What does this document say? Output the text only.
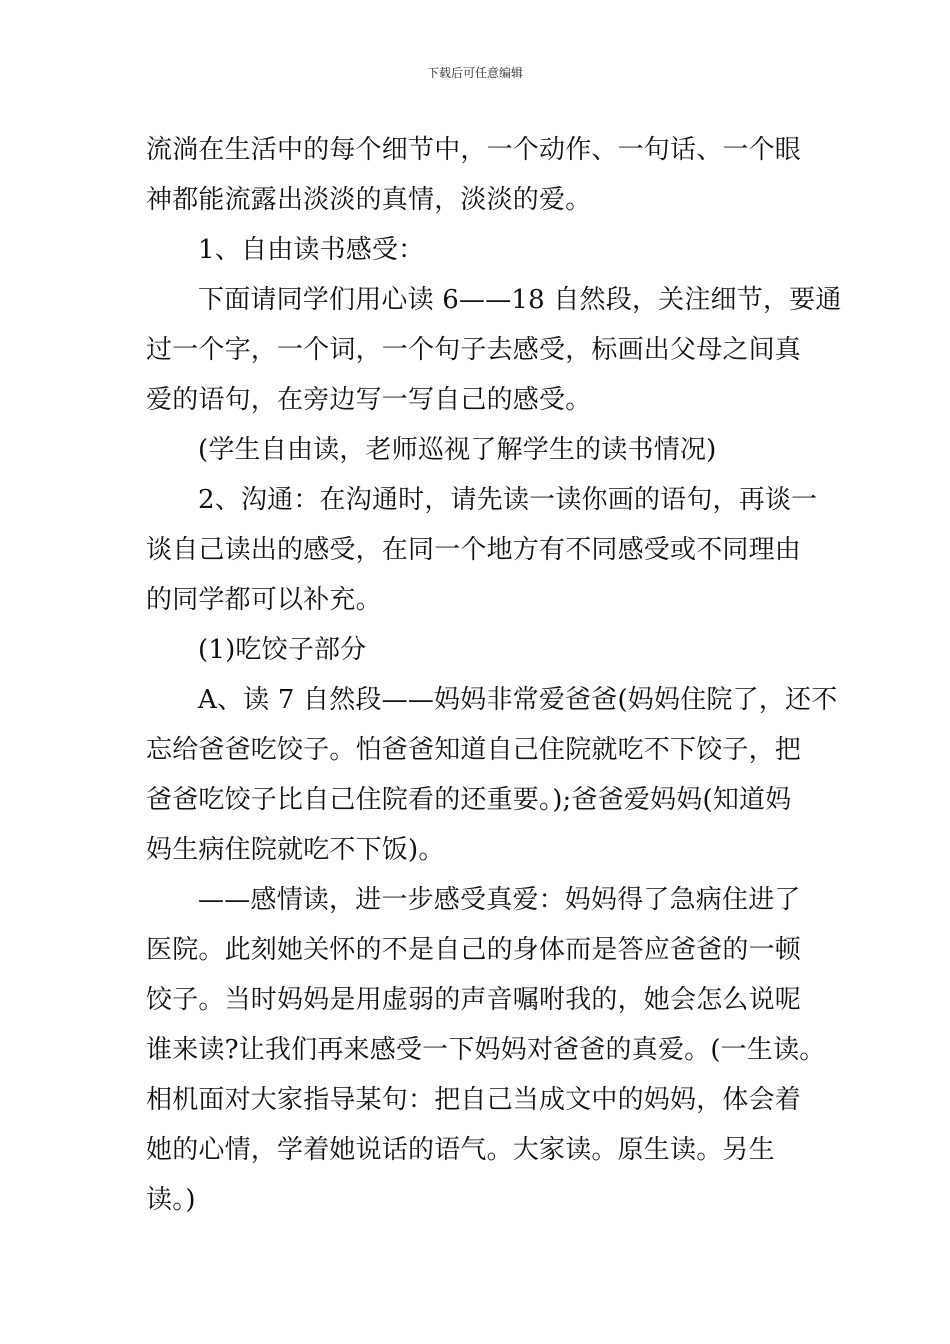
下载后可任意编辑
流淌在生活中的每个细节中，一个动作、一句话、一个眼
神都能流露出淡淡的真情，淡淡的爱。
1、自由读书感受：
下面请同学们用心读 6——18 自然段，关注细节，要通
过一个字，一个词，一个句子去感受，标画出父母之间真
爱的语句，在旁边写一写自己的感受。
(学生自由读，老师巡视了解学生的读书情况)
2、沟通：在沟通时，请先读一读你画的语句，再谈一
谈自己读出的感受，在同一个地方有不同感受或不同理由
的同学都可以补充。
(1)吃饺子部分
A、读 7 自然段——妈妈非常爱爸爸(妈妈住院了，还不
忘给爸爸吃饺子。怕爸爸知道自己住院就吃不下饺子，把
爸爸吃饺子比自己住院看的还重要。);爸爸爱妈妈(知道妈
妈生病住院就吃不下饭)。
——感情读，进一步感受真爱：妈妈得了急病住进了
医院。此刻她关怀的不是自己的身体而是答应爸爸的一顿
饺子。当时妈妈是用虚弱的声音嘱咐我的，她会怎么说呢
谁来读?让我们再来感受一下妈妈对爸爸的真爱。(一生读。
相机面对大家指导某句：把自己当成文中的妈妈，体会着
她的心情，学着她说话的语气。大家读。原生读。另生
读。)
